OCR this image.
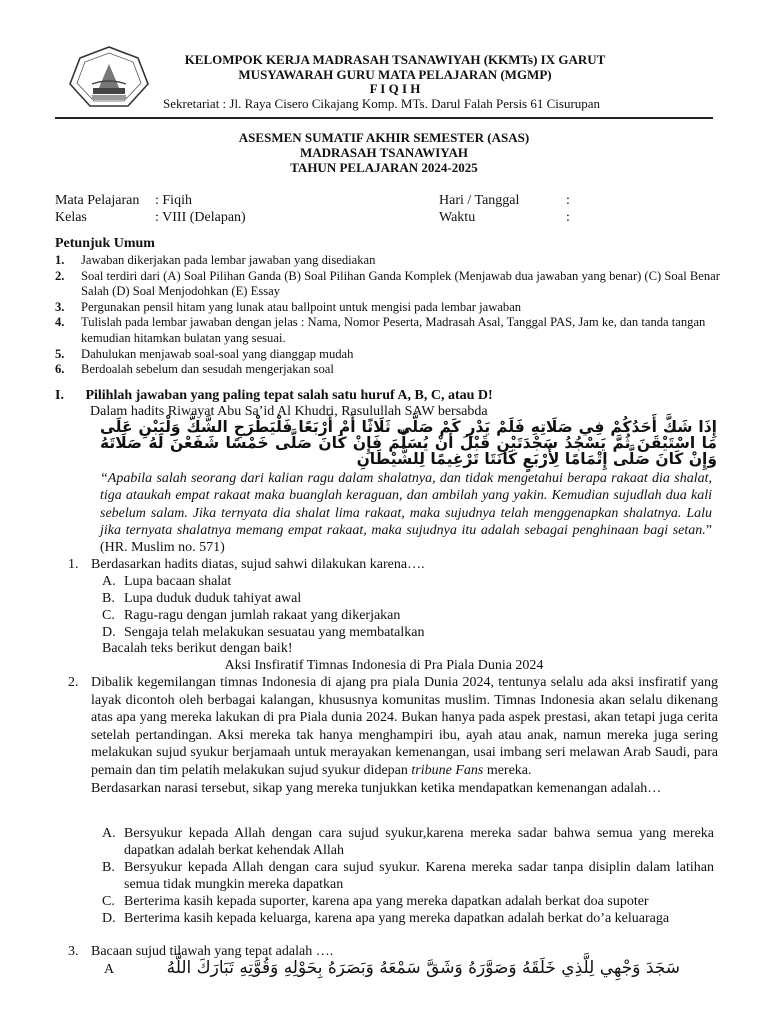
KELOMPOK KERJA MADRASAH TSANAWIYAH (KKMTs) IX GARUT
MUSYAWARAH GURU MATA PELAJARAN (MGMP)
F I Q I H
Sekretariat : Jl. Raya Cisero Cikajang Komp. MTs. Darul Falah Persis 61 Cisurupan
ASESMEN SUMATIF AKHIR SEMESTER (ASAS)
MADRASAH TSANAWIYAH
TAHUN PELAJARAN 2024-2025
Mata Pelajaran : Fiqih
Kelas	: VIII (Delapan)
Hari / Tanggal	:
Waktu	:
Petunjuk Umum
1. Jawaban dikerjakan pada lembar jawaban yang disediakan
2. Soal terdiri dari (A) Soal Pilihan Ganda (B) Soal Pilihan Ganda Komplek (Menjawab dua jawaban yang benar) (C) Soal Benar Salah (D) Soal Menjodohkan (E) Essay
3. Pergunakan pensil hitam yang lunak atau ballpoint untuk mengisi pada lembar jawaban
4. Tulislah pada lembar jawaban dengan jelas : Nama, Nomor Peserta, Madrasah Asal, Tanggal PAS, Jam ke, dan tanda tangan kemudian hitamkan bulatan yang sesuai.
5. Dahulukan menjawab soal-soal yang dianggap mudah
6. Berdoalah sebelum dan sesudah mengerjakan soal
I. Pilihlah jawaban yang paling tepat salah satu huruf A, B, C, atau D!
Dalam hadits Riwayat Abu Sa’id Al Khudri, Rasulullah SAW bersabda
إِذَا شَكَّ أَحَدُكُمْ فِي صَلَاتِهِ فَلَمْ يَدْرِ كَمْ صَلَّى ثَلَاثًا أَمْ أَرْبَعًا فَلْيَطْرَحِ الشَّكَّ وَلْيَبْنِ عَلَى مَا اسْتَيْقَنَ ثُمَّ يَسْجُدُ سَجْدَتَيْنِ قَبْلَ أَنْ يُسَلِّمَ فَإِنْ كَانَ صَلَّى خَمْسًا شَفَعْنَ لَهُ صَلَاتَهُ وَإِنْ كَانَ صَلَّى إِتْمَامًا لِأَرْبَعٍ كَانَتَا تَرْغِيمًا لِلشَّيْطَانِ
“Apabila salah seorang dari kalian ragu dalam shalatnya, dan tidak mengetahui berapa rakaat dia shalat, tiga ataukah empat rakaat maka buanglah keraguan, dan ambilah yang yakin. Kemudian sujudlah dua kali sebelum salam. Jika ternyata dia shalat lima rakaat, maka sujudnya telah menggenapkan shalatnya. Lalu jika ternyata shalatnya memang empat rakaat, maka sujudnya itu adalah sebagai penghinaan bagi setan.” (HR. Muslim no. 571)
1. Berdasarkan hadits diatas, sujud sahwi dilakukan karena….
A. Lupa bacaan shalat
B. Lupa duduk duduk tahiyat awal
C. Ragu-ragu dengan jumlah rakaat yang dikerjakan
D. Sengaja telah melakukan sesuatau yang membatalkan
Bacalah teks berikut dengan baik!
Aksi Insfiratif Timnas Indonesia di Pra Piala Dunia 2024
2. Dibalik kegemilangan timnas Indonesia di ajang pra piala Dunia 2024, tentunya selalu ada aksi insfiratif yang layak dicontoh oleh berbagai kalangan, khususnya komunitas muslim. Timnas Indonesia akan selalu dikenang atas apa yang mereka lakukan di pra Piala dunia 2024. Bukan hanya pada aspek prestasi, akan tetapi juga cerita setelah pertandingan. Aksi mereka tak hanya menghampiri ibu, ayah atau anak, namun mereka juga sering melakukan sujud syukur berjamaah untuk merayakan kemenangan, usai imbang seri melawan Arab Saudi, para pemain dan tim pelatih melakukan sujud syukur didepan tribune Fans mereka.
Berdasarkan narasi tersebut, sikap yang mereka tunjukkan ketika mendapatkan kemenangan adalah…
A. Bersyukur kepada Allah dengan cara sujud syukur,karena mereka sadar bahwa semua yang mereka dapatkan adalah berkat kehendak Allah
B. Bersyukur kepada Allah dengan cara sujud syukur. Karena mereka sadar tanpa disiplin dalam latihan semua tidak mungkin mereka dapatkan
C. Berterima kasih kepada suporter, karena apa yang mereka dapatkan adalah berkat doa supoter
D. Berterima kasih kepada keluarga, karena apa yang mereka dapatkan adalah berkat do’a keluaraga
3. Bacaan sujud tilawah yang tepat adalah ….
A	سَجَدَ وَجْهِي لِلَّذِي خَلَقَهُ وَصَوَّرَهُ وَشَقَّ سَمْعَهُ وَبَصَرَهُ بِحَوْلِهِ وَقُوَّتِهِ تَبَارَكَ اللَّهُ
